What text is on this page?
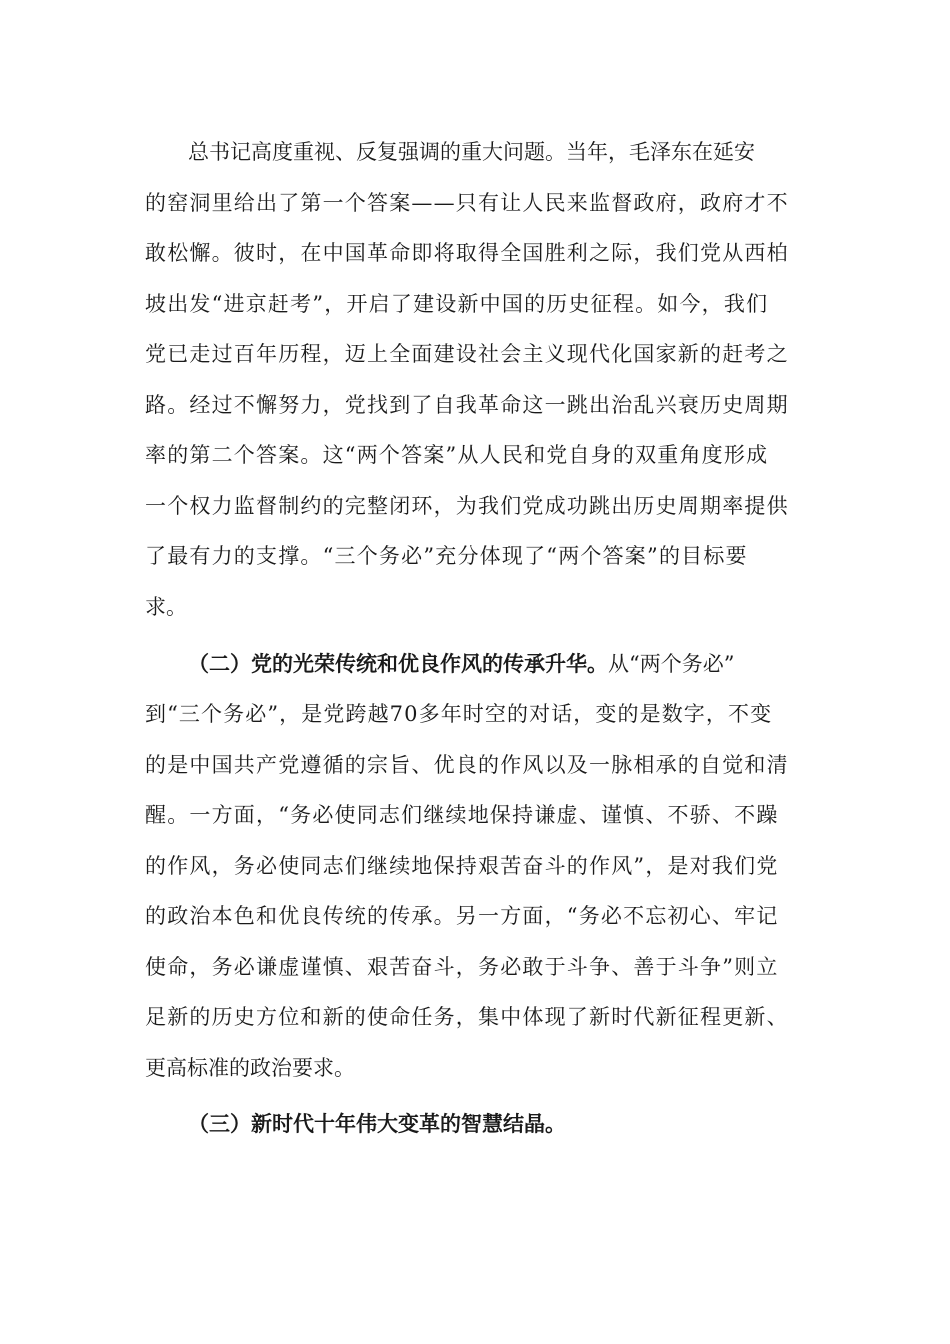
总书记高度重视、反复强调的重大问题。当年，毛泽东在延安
的窑洞里给出了第一个答案——只有让人民来监督政府，政府才不
敢松懈。彼时，在中国革命即将取得全国胜利之际，我们党从西柏
坡出发“进京赶考”，开启了建设新中国的历史征程。如今，我们
党已走过百年历程，迈上全面建设社会主义现代化国家新的赶考之
路。经过不懈努力，党找到了自我革命这一跳出治乱兴衰历史周期
率的第二个答案。这“两个答案”从人民和党自身的双重角度形成
一个权力监督制约的完整闭环，为我们党成功跳出历史周期率提供
了最有力的支撑。“三个务必”充分体现了“两个答案”的目标要
求。
（二）党的光荣传统和优良作风的传承升华。从“两个务必”
到“三个务必”，是党跨越70多年时空的对话，变的是数字，不变
的是中国共产党遵循的宗旨、优良的作风以及一脉相承的自觉和清
醒。一方面，“务必使同志们继续地保持谦虚、谨慎、不骄、不躁
的作风，务必使同志们继续地保持艰苦奋斗的作风”，是对我们党
的政治本色和优良传统的传承。另一方面，“务必不忘初心、牢记
使命，务必谦虚谨慎、艰苦奋斗，务必敢于斗争、善于斗争”则立
足新的历史方位和新的使命任务，集中体现了新时代新征程更新、
更高标准的政治要求。
（三）新时代十年伟大变革的智慧结晶。
